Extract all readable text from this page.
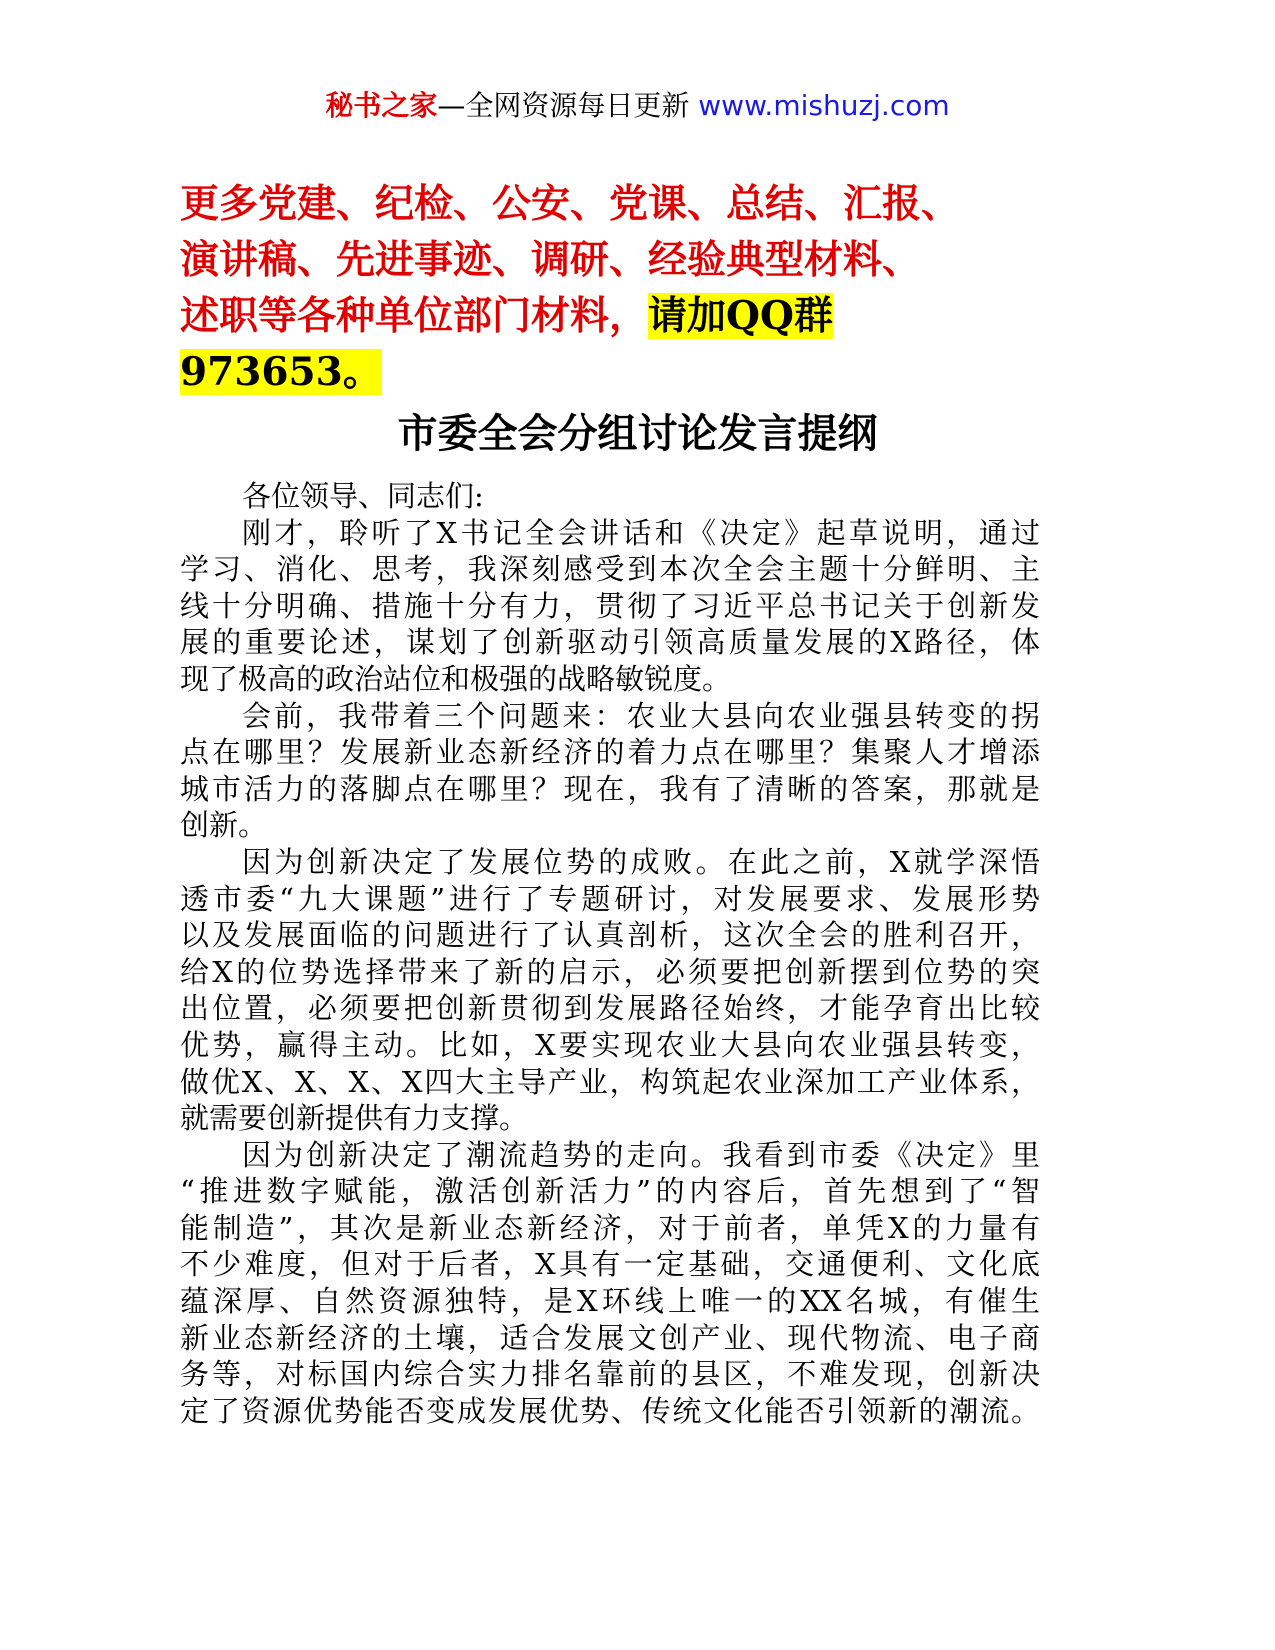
秘书之家—全网资源每日更新 www.mishuzj.com
更多党建、纪检、公安、党课、总结、汇报、
演讲稿、先进事迹、调研、经验典型材料、
述职等各种单位部门材料，请加QQ群
973653。
市委全会分组讨论发言提纲
各位领导、同志们:
刚才，聆听了X书记全会讲话和《决定》起草说明，通过
学习、消化、思考，我深刻感受到本次全会主题十分鲜明、主
线十分明确、措施十分有力，贯彻了习近平总书记关于创新发
展的重要论述，谋划了创新驱动引领高质量发展的X路径，体
现了极高的政治站位和极强的战略敏锐度。
会前，我带着三个问题来：农业大县向农业强县转变的拐
点在哪里？发展新业态新经济的着力点在哪里？集聚人才增添
城市活力的落脚点在哪里？现在，我有了清晰的答案，那就是
创新。
因为创新决定了发展位势的成败。在此之前，X就学深悟
透市委“九大课题”进行了专题研讨，对发展要求、发展形势
以及发展面临的问题进行了认真剖析，这次全会的胜利召开，
给X的位势选择带来了新的启示，必须要把创新摆到位势的突
出位置，必须要把创新贯彻到发展路径始终，才能孕育出比较
优势，赢得主动。比如，X要实现农业大县向农业强县转变，
做优X、X、X、X四大主导产业，构筑起农业深加工产业体系，
就需要创新提供有力支撑。
因为创新决定了潮流趋势的走向。我看到市委《决定》里
“推进数字赋能，激活创新活力”的内容后，首先想到了“智
能制造”，其次是新业态新经济，对于前者，单凭X的力量有
不少难度，但对于后者，X具有一定基础，交通便利、文化底
蕴深厚、自然资源独特，是X环线上唯一的XX名城，有催生
新业态新经济的土壤，适合发展文创产业、现代物流、电子商
务等，对标国内综合实力排名靠前的县区，不难发现，创新决
定了资源优势能否变成发展优势、传统文化能否引领新的潮流。
